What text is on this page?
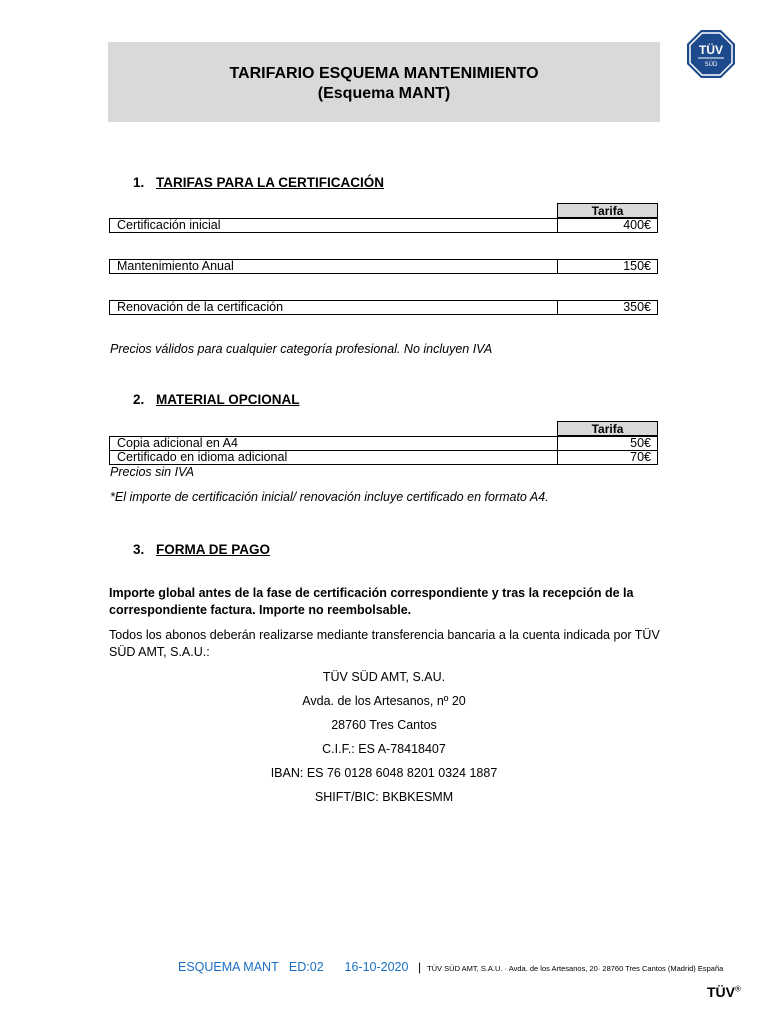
TARIFARIO ESQUEMA MANTENIMIENTO
(Esquema MANT)
TÜV
SÜD
1. TARIFAS PARA LA CERTIFICACIÓN
Tarifa
Certificación inicial	400€
Mantenimiento Anual	150€
Renovación de la certificación	350€
Precios válidos para cualquier categoría profesional. No incluyen IVA
2. MATERIAL OPCIONAL
Tarifa
Copia adicional en A4	50€
Certificado en idioma adicional	70€
Precios sin IVA
*El importe de certificación inicial/ renovación incluye certificado en formato A4.
3. FORMA DE PAGO
Importe global antes de la fase de certificación correspondiente y tras la recepción de la correspondiente factura. Importe no reembolsable.
Todos los abonos deberán realizarse mediante transferencia bancaria a la cuenta indicada por TÜV SÜD AMT, S.A.U.:
TÜV SÜD AMT, S.AU.
Avda. de los Artesanos, nº 20
28760 Tres Cantos
C.I.F.: ES A-78418407
IBAN: ES 76 0128 6048 8201 0324 1887
SHIFT/BIC: BKBKESMM
ESQUEMA MANT ED:02 16-10-2020 | TÜV SÜD AMT, S.A.U. · Avda. de los Artesanos, 20· 28760 Tres Cantos (Madrid) España
TÜV®
